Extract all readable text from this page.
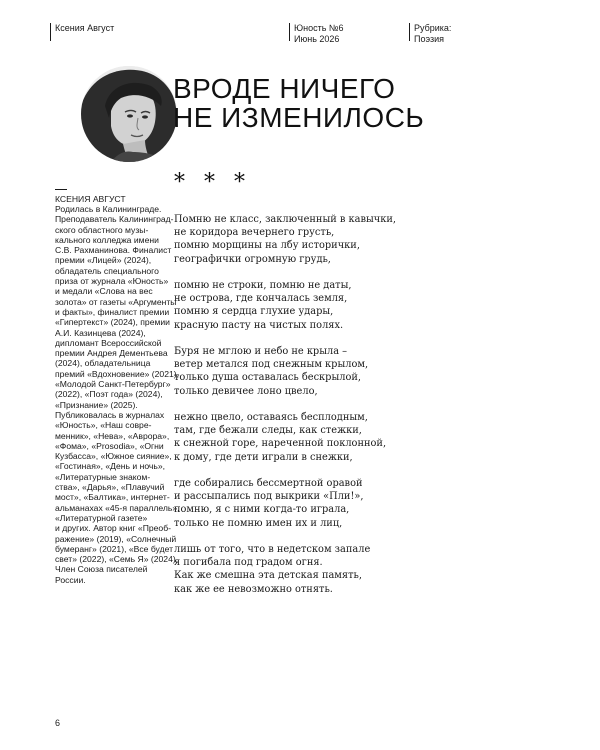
Ксения Август	Юность №6
Июнь 2026
Рубрика:
Поэзия
ВРОДЕ НИЧЕГО
НЕ ИЗМЕНИЛОСЬ
* * *
КСЕНИЯ АВГУСТ
Родилась в Калининграде.
Преподаватель Калининград-
ского областного музы-
кального колледжа имени
С.В. Рахманинова. Финалист
премии «Лицей» (2024),
обладатель специального
приза от журнала «Юность»
и медали «Слова на вес
золота» от газеты «Аргументы
и факты», финалист премии
«Гипертекст» (2024), премии
А.И. Казинцева (2024),
дипломант Всероссийской
премии Андрея Дементьева
(2024), обладательница
премий «Вдохновение» (2021),
«Молодой Санкт-Петербург»
(2022), «Поэт года» (2024),
«Признание» (2025).
Публиковалась в журналах
«Юность», «Наш совре-
менник», «Нева», «Аврора»,
«Фома», «Prosodia», «Огни
Кузбасса», «Южное сияние»,
«Гостиная», «День и ночь»,
«Литературные знаком-
ства», «Дарья», «Плавучий
мост», «Балтика», интернет-
альманахах «45-я параллель»,
«Литературной газете»
и других. Автор книг «Преоб-
ражение» (2019), «Солнечный
бумеранг» (2021), «Все будет
свет» (2022), «Семь Я» (2024).
Член Союза писателей
России.
Помню не класс, заключенный в кавычки,
не коридора вечернего грусть,
помню морщины на лбу исторички,
географички огромную грудь,
помню не строки, помню не даты,
не острова, где кончалась земля,
помню я сердца глухие удары,
красную пасту на чистых полях.
Буря не мглою и небо не крыла –
ветер метался под снежным крылом,
только душа оставалась бескрылой,
только девичее лоно цвело,
нежно цвело, оставаясь бесплодным,
там, где бежали следы, как стежки,
к снежной горе, нареченной поклонной,
к дому, где дети играли в снежки,
где собирались бессмертной оравой
и рассыпались под выкрики «Пли!»,
помню, я с ними когда-то играла,
только не помню имен их и лиц,
лишь от того, что в недетском запале
я погибала под градом огня.
Как же смешна эта детская память,
как же ее невозможно отнять.
6
